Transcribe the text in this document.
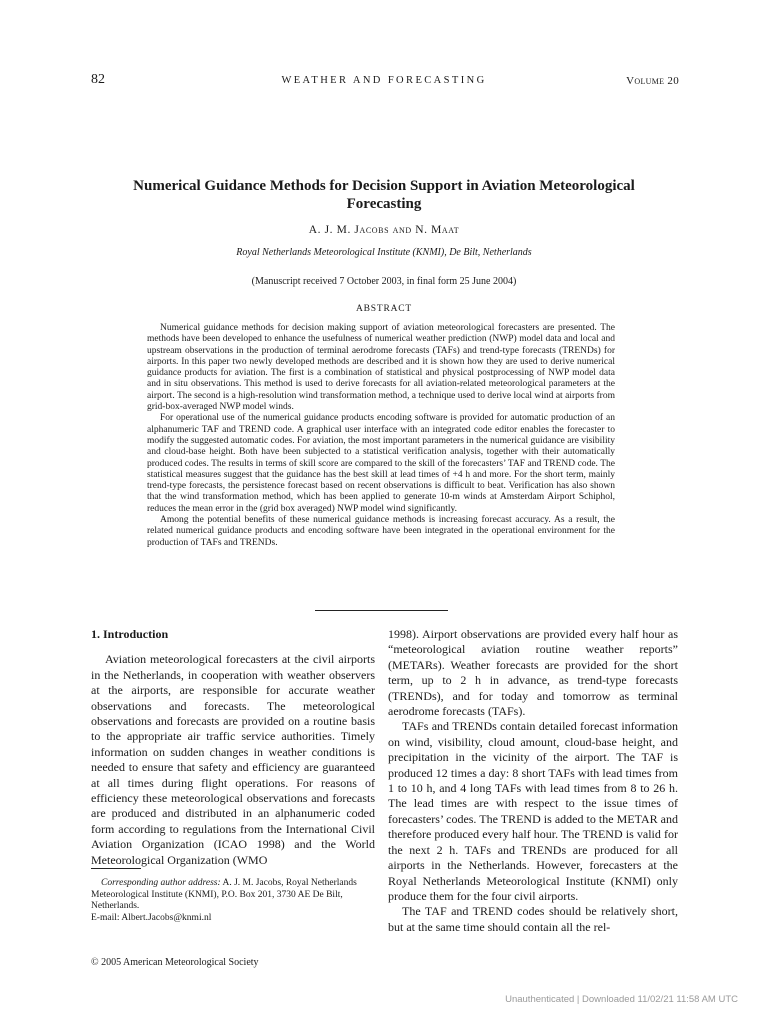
82	WEATHER AND FORECASTING	Volume 20
Numerical Guidance Methods for Decision Support in Aviation Meteorological Forecasting
A. J. M. Jacobs and N. Maat
Royal Netherlands Meteorological Institute (KNMI), De Bilt, Netherlands
(Manuscript received 7 October 2003, in final form 25 June 2004)
ABSTRACT

Numerical guidance methods for decision making support of aviation meteorological forecasters are presented. The methods have been developed to enhance the usefulness of numerical weather prediction (NWP) model data and local and upstream observations in the production of terminal aerodrome forecasts (TAFs) and trend-type forecasts (TRENDs) for airports. In this paper two newly developed methods are described and it is shown how they are used to derive numerical guidance products for aviation. The first is a combination of statistical and physical postprocessing of NWP model data and in situ observations. This method is used to derive forecasts for all aviation-related meteorological parameters at the airport. The second is a high-resolution wind transformation method, a technique used to derive local wind at airports from grid-box-averaged NWP model winds.

For operational use of the numerical guidance products encoding software is provided for automatic production of an alphanumeric TAF and TREND code. A graphical user interface with an integrated code editor enables the forecaster to modify the suggested automatic codes. For aviation, the most important parameters in the numerical guidance are visibility and cloud-base height. Both have been subjected to a statistical verification analysis, together with their automatically produced codes. The results in terms of skill score are compared to the skill of the forecasters’ TAF and TREND code. The statistical measures suggest that the guidance has the best skill at lead times of +4 h and more. For the short term, mainly trend-type forecasts, the persistence forecast based on recent observations is difficult to beat. Verification has also shown that the wind transformation method, which has been applied to generate 10-m winds at Amsterdam Airport Schiphol, reduces the mean error in the (grid box averaged) NWP model wind significantly.

Among the potential benefits of these numerical guidance methods is increasing forecast accuracy. As a result, the related numerical guidance products and encoding software have been integrated in the operational environment for the production of TAFs and TRENDs.

1. Introduction

Aviation meteorological forecasters at the civil airports in the Netherlands, in cooperation with weather observers at the airports, are responsible for accurate weather observations and forecasts. The meteorological observations and forecasts are provided on a routine basis to the appropriate air traffic service authorities. Timely information on sudden changes in weather conditions is needed to ensure that safety and efficiency are guaranteed at all times during flight operations. For reasons of efficiency these meteorological observations and forecasts are produced and distributed in an alphanumeric coded form according to regulations from the International Civil Aviation Organization (ICAO 1998) and the World Meteorological Organization (WMO

1998). Airport observations are provided every half hour as “meteorological aviation routine weather reports” (METARs). Weather forecasts are provided for the short term, up to 2 h in advance, as trend-type forecasts (TRENDs), and for today and tomorrow as terminal aerodrome forecasts (TAFs).

TAFs and TRENDs contain detailed forecast information on wind, visibility, cloud amount, cloud-base height, and precipitation in the vicinity of the airport. The TAF is produced 12 times a day: 8 short TAFs with lead times from 1 to 10 h, and 4 long TAFs with lead times from 8 to 26 h. The lead times are with respect to the issue times of forecasters’ codes. The TREND is added to the METAR and therefore produced every half hour. The TREND is valid for the next 2 h. TAFs and TRENDs are produced for all airports in the Netherlands. However, forecasters at the Royal Netherlands Meteorological Institute (KNMI) only produce them for the four civil airports.

The TAF and TREND codes should be relatively short, but at the same time should contain all the rel-

Corresponding author address: A. J. M. Jacobs, Royal Netherlands Meteorological Institute (KNMI), P.O. Box 201, 3730 AE De Bilt, Netherlands.

E-mail: Albert.Jacobs@knmi.nl

© 2005 American Meteorological Society
Unauthenticated | Downloaded 11/02/21 11:58 AM UTC
